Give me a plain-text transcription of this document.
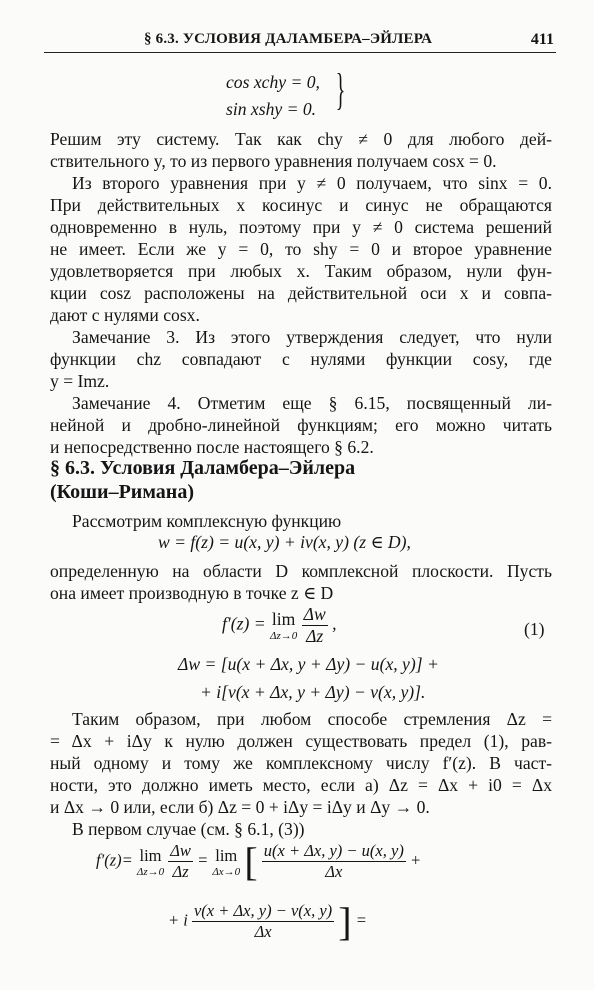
§ 6.3. УСЛОВИЯ ДАЛАМБЕРА–ЭЙЛЕРА	411
cos xchy = 0,
sin xshy = 0. }
Решим эту систему. Так как chy ≠ 0 для любого дей-
ствительного y, то из первого уравнения получаем cosx = 0.
Из второго уравнения при y ≠ 0 получаем, что sinx = 0.
При действительных x косинус и синус не обращаются
одновременно в нуль, поэтому при y ≠ 0 система решений
не имеет. Если же y = 0, то shy = 0 и второе уравнение
удовлетворяется при любых x. Таким образом, нули фун-
кции cosz расположены на действительной оси x и совпа-
дают с нулями cosx.
Замечание 3. Из этого утверждения следует, что нули
функции chz совпадают с нулями функции cosy, где
y = Imz.
Замечание 4. Отметим еще § 6.15, посвященный ли-
нейной и дробно-линейной функциям; его можно читать
и непосредственно после настоящего § 6.2.
§ 6.3. Условия Даламбера–Эйлера
(Коши–Римана)
Рассмотрим комплексную функцию
w = f(z) = u(x, y) + iv(x, y) (z ∈ D),
определенную на области D комплексной плоскости. Пусть
она имеет производную в точке z ∈ D
f′(z) = lim
Δz→0
$\frac{\Delta w}{\Delta z}$ ,	(1)
Δw = [u(x + Δx, y + Δy) − u(x, y)] +
+ i[v(x + Δx, y + Δy) − v(x, y)].
Таким образом, при любом способе стремления Δz =
= Δx + iΔy к нулю должен существовать предел (1), рав-
ный одному и тому же комплексному числу f′(z). В част-
ности, это должно иметь место, если а) Δz = Δx + i0 = Δx
и Δx → 0 или, если б) Δz = 0 + iΔy = iΔy и Δy → 0.
В первом случае (см. § 6.1, (3))
f′(z)= lim
Δz→0
$\frac{\Delta w}{\Delta z} = \lim$
Δx→0 [ $\frac{u(x + \Delta x, y) - u(x, y)}{\Delta x}$ +
+ i $\frac{v(x + \Delta x, y) - v(x, y)}{\Delta x}$ ] =
